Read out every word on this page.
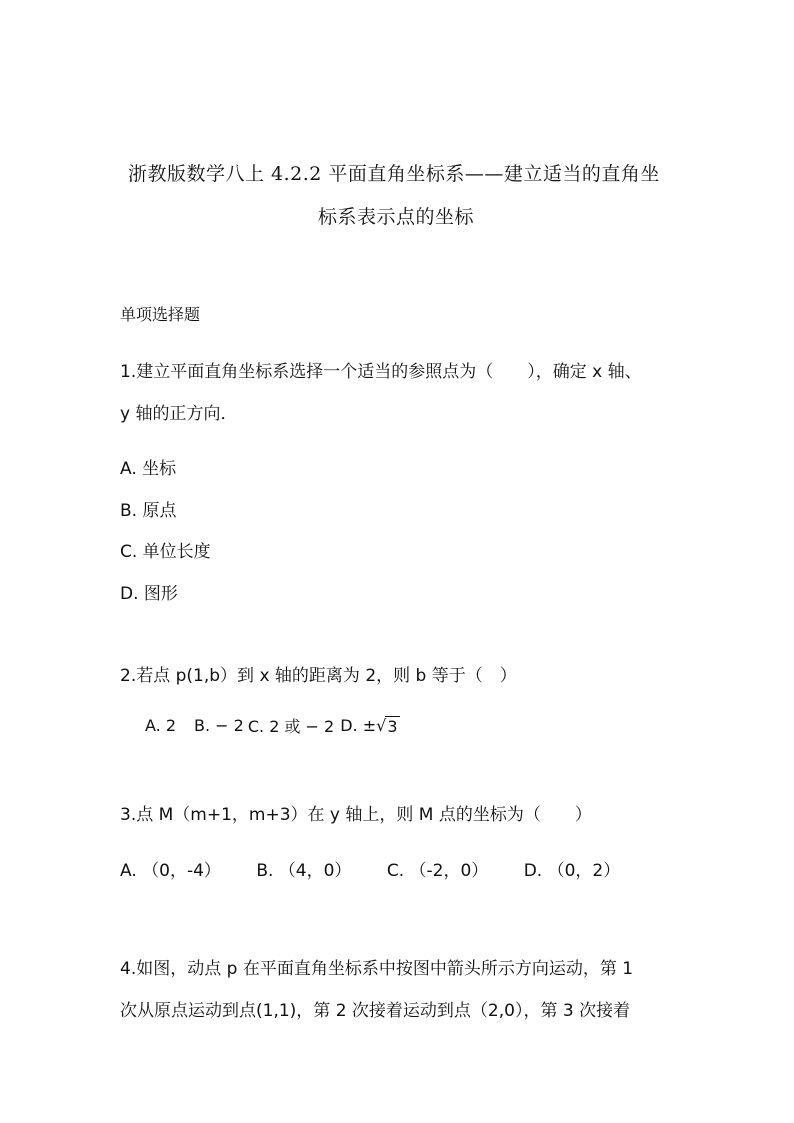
浙教版数学八上 4.2.2 平面直角坐标系——建立适当的直角坐
标系表示点的坐标
单项选择题
1.建立平面直角坐标系选择一个适当的参照点为（　　），确定 x 轴、
y 轴的正方向．
A. 坐标
B. 原点
C. 单位长度
D. 图形
2.若点 p(1,b）到 x 轴的距离为 2，则 b 等于（　）
A. 2 B. − 2 C. 2 或 − 2 D. ± √ 3
3.点 M（m+1，m+3）在 y 轴上，则 M 点的坐标为（　　）
A. （0，-4） B. （4，0） C. （-2，0） D. （0，2）
4.如图，动点 p 在平面直角坐标系中按图中箭头所示方向运动，第 1
次从原点运动到点(1,1)，第 2 次接着运动到点（2,0），第 3 次接着
